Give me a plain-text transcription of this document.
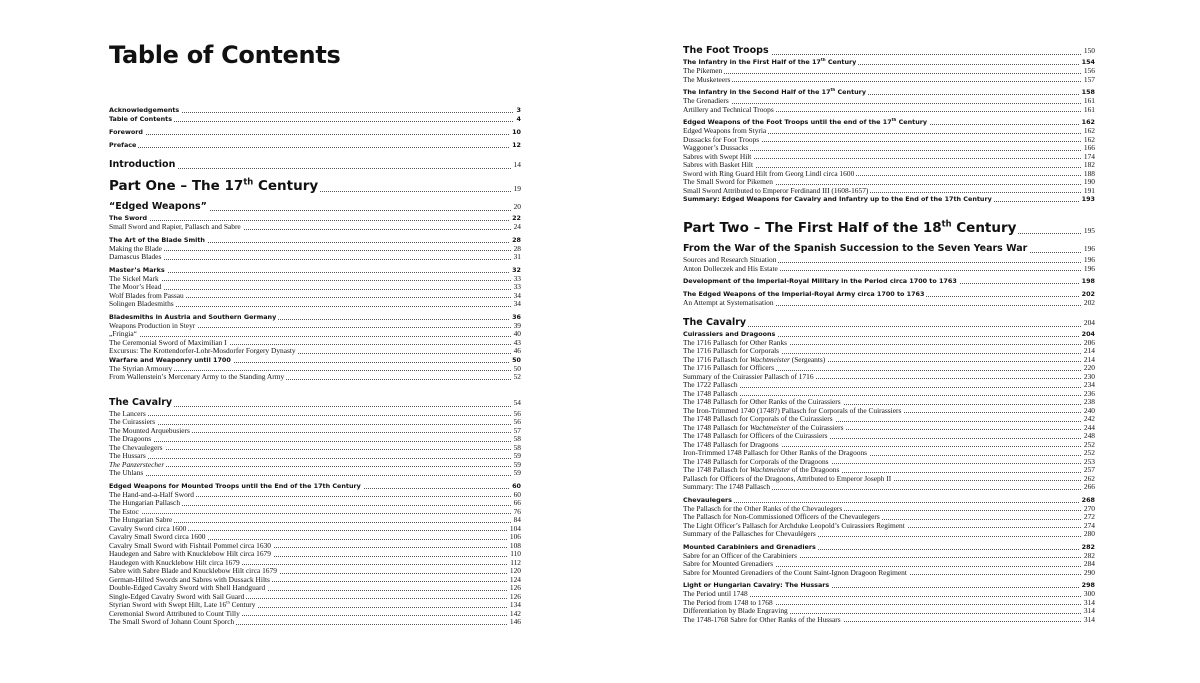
Table of Contents
Acknowledgements	3
Table of Contents	4
Foreword	10
Preface	12
Introduction	14
Part One – The 17th Century	19
“Edged Weapons”	20
The Sword	22
Small Sword and Rapier, Pallasch and Sabre	24
The Art of the Blade Smith	28
Making the Blade	28
Damascus Blades	31
Master’s Marks	32
The Sickel Mark	33
The Moor’s Head	33
Wolf Blades from Passau	34
Solingen Bladesmiths	34
Bladesmiths in Austria and Southern Germany	36
Weapons Production in Steyr	39
„Fringia“	40
The Ceremonial Sword of Maximilian I	43
Excursus: The Krottendorfer-Lohr-Mosdorfer Forgery Dynasty	46
Warfare and Weaponry until 1700	50
The Styrian Armoury	50
From Wallenstein’s Mercenary Army to the Standing Army	52
The Cavalry	54
The Lancers	56
The Cuirassiers	56
The Mounted Arquebusiers	57
The Dragoons	58
The Chevaulegers	58
The Hussars	59
The Panzerstecher	59
The Uhlans	59
Edged Weapons for Mounted Troops until the End of the 17th Century	60
The Hand-and-a-Half Sword	60
The Hungarian Pallasch	66
The Estoc	76
The Hungarian Sabre	84
Cavalry Sword circa 1600	104
Cavalry Small Sword circa 1600	106
Cavalry Small Sword with Fishtail Pommel circa 1630	108
Haudegen and Sabre with Knucklebow Hilt circa 1679	110
Haudegen with Knucklebow Hilt circa 1679	112
Sabre with Sabre Blade and Knucklebow Hilt circa 1679	120
German-Hilted Swords and Sabres with Dussack Hilts	124
Double-Edged Cavalry Sword with Shell Handguard	126
Single-Edged Cavalry Sword with Sail Guard	126
Styrian Sword with Swept Hilt, Late 16th Century	134
Ceremonial Sword Attributed to Count Tilly	142
The Small Sword of Johann Count Sporch	146
The Foot Troops	150
The Infantry in the First Half of the 17th Century	154
The Pikemen	156
The Musketeers	157
The Infantry in the Second Half of the 17th Century	158
The Grenadiers	161
Artillery and Technical Troops	161
Edged Weapons of the Foot Troops until the end of the 17th Century	162
Edged Weapons from Styria	162
Dussacks for Foot Troops	162
Waggoner’s Dussacks	166
Sabres with Swept Hilt	174
Sabres with Basket Hilt	182
Sword with Ring Guard Hilt from Georg Lindl circa 1600	188
The Small Sword for Pikemen	190
Small Sword Attributed to Emperor Ferdinand III (1608-1657)	191
Summary: Edged Weapons for Cavalry and Infantry up to the End of the 17th Century	193
Part Two – The First Half of the 18th Century	195
From the War of the Spanish Succession to the Seven Years War	196
Sources and Research Situation	196
Anton Dolleczek and His Estate	196
Development of the Imperial-Royal Military in the Period circa 1700 to 1763	198
The Edged Weapons of the Imperial-Royal Army circa 1700 to 1763	202
An Attempt at Systematisation	202
The Cavalry	204
Cuirassiers and Dragoons	204
The 1716 Pallasch for Other Ranks	206
The 1716 Pallasch for Corporals	214
The 1716 Pallasch for Wachtmeister (Sergeants)	214
The 1716 Pallasch for Officers	220
Summary of the Cuirassier Pallasch of 1716	230
The 1722 Pallasch	234
The 1748 Pallasch	236
The 1748 Pallasch for Other Ranks of the Cuirassiers	238
The Iron-Trimmed 1740 (1748?) Pallasch for Corporals of the Cuirassiers	240
The 1748 Pallasch for Corporals of the Cuirassiers	242
The 1748 Pallasch for Wachtmeister of the Cuirassiers	244
The 1748 Pallasch for Officers of the Cuirassiers	248
The 1748 Pallasch for Dragoons	252
Iron-Trimmed 1748 Pallasch for Other Ranks of the Dragoons	252
The 1748 Pallasch for Corporals of the Dragoons	253
The 1748 Pallasch for Wachtmeister of the Dragoons	257
Pallasch for Officers of the Dragoons, Attributed to Emperor Joseph II	262
Summary: The 1748 Pallasch	266
Chevaulegers	268
The Pallasch for the Other Ranks of the Chevaulegers	270
The Pallasch for Non-Commissioned Officers of the Chevaulegers	272
The Light Officer’s Pallasch for Archduke Leopold’s Cuirassiers Regiment	274
Summary of the Pallasches for Chevaulégers	280
Mounted Carabiniers and Grenadiers	282
Sabre for an Officer of the Carabiniers	282
Sabre for Mounted Grenadiers	284
Sabre for Mounted Grenadiers of the Count Saint-Ignon Dragoon Regiment	290
Light or Hungarian Cavalry: The Hussars	298
The Period until 1748	300
The Period from 1748 to 1768	314
Differentiation by Blade Engraving	314
The 1748-1768 Sabre for Other Ranks of the Hussars	314
